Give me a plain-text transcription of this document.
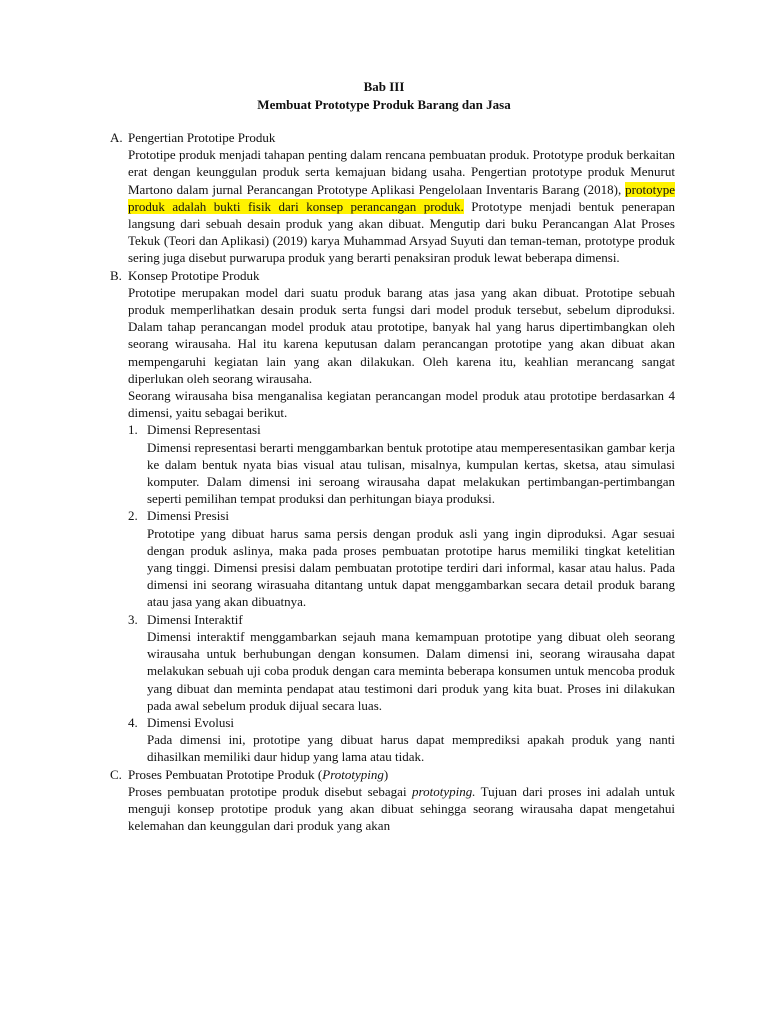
Bab III
Membuat Prototype Produk Barang dan Jasa
A. Pengertian Prototipe Produk
Prototipe produk menjadi tahapan penting dalam rencana pembuatan produk. Prototype produk berkaitan erat dengan keunggulan produk serta kemajuan bidang usaha. Pengertian prototype produk Menurut Martono dalam jurnal Perancangan Prototype Aplikasi Pengelolaan Inventaris Barang (2018), prototype produk adalah bukti fisik dari konsep perancangan produk. Prototype menjadi bentuk penerapan langsung dari sebuah desain produk yang akan dibuat. Mengutip dari buku Perancangan Alat Proses Tekuk (Teori dan Aplikasi) (2019) karya Muhammad Arsyad Suyuti dan teman-teman, prototype produk sering juga disebut purwarupa produk yang berarti penaksiran produk lewat beberapa dimensi.
B. Konsep Prototipe Produk
Prototipe merupakan model dari suatu produk barang atas jasa yang akan dibuat. Prototipe sebuah produk memperlihatkan desain produk serta fungsi dari model produk tersebut, sebelum diproduksi. Dalam tahap perancangan model produk atau prototipe, banyak hal yang harus dipertimbangkan oleh seorang wirausaha. Hal itu karena keputusan dalam perancangan prototipe yang akan dibuat akan mempengaruhi kegiatan lain yang akan dilakukan. Oleh karena itu, keahlian merancang sangat diperlukan oleh seorang wirausaha.
Seorang wirausaha bisa menganalisa kegiatan perancangan model produk atau prototipe berdasarkan 4 dimensi, yaitu sebagai berikut.
1. Dimensi Representasi
Dimensi representasi berarti menggambarkan bentuk prototipe atau memperesentasikan gambar kerja ke dalam bentuk nyata bias visual atau tulisan, misalnya, kumpulan kertas, sketsa, atau simulasi komputer. Dalam dimensi ini seroang wirausaha dapat melakukan pertimbangan-pertimbangan seperti pemilihan tempat produksi dan perhitungan biaya produksi.
2. Dimensi Presisi
Prototipe yang dibuat harus sama persis dengan produk asli yang ingin diproduksi. Agar sesuai dengan produk aslinya, maka pada proses pembuatan prototipe harus memiliki tingkat ketelitian yang tinggi. Dimensi presisi dalam pembuatan prototipe terdiri dari informal, kasar atau halus. Pada dimensi ini seorang wirasuaha ditantang untuk dapat menggambarkan secara detail produk barang atau jasa yang akan dibuatnya.
3. Dimensi Interaktif
Dimensi interaktif menggambarkan sejauh mana kemampuan prototipe yang dibuat oleh seorang wirausaha untuk berhubungan dengan konsumen. Dalam dimensi ini, seorang wirausaha dapat melakukan sebuah uji coba produk dengan cara meminta beberapa konsumen untuk mencoba produk yang dibuat dan meminta pendapat atau testimoni dari produk yang kita buat. Proses ini dilakukan pada awal sebelum produk dijual secara luas.
4. Dimensi Evolusi
Pada dimensi ini, prototipe yang dibuat harus dapat memprediksi apakah produk yang nanti dihasilkan memiliki daur hidup yang lama atau tidak.
C. Proses Pembuatan Prototipe Produk (Prototyping)
Proses pembuatan prototipe produk disebut sebagai prototyping. Tujuan dari proses ini adalah untuk menguji konsep prototipe produk yang akan dibuat sehingga seorang wirausaha dapat mengetahui kelemahan dan keunggulan dari produk yang akan
